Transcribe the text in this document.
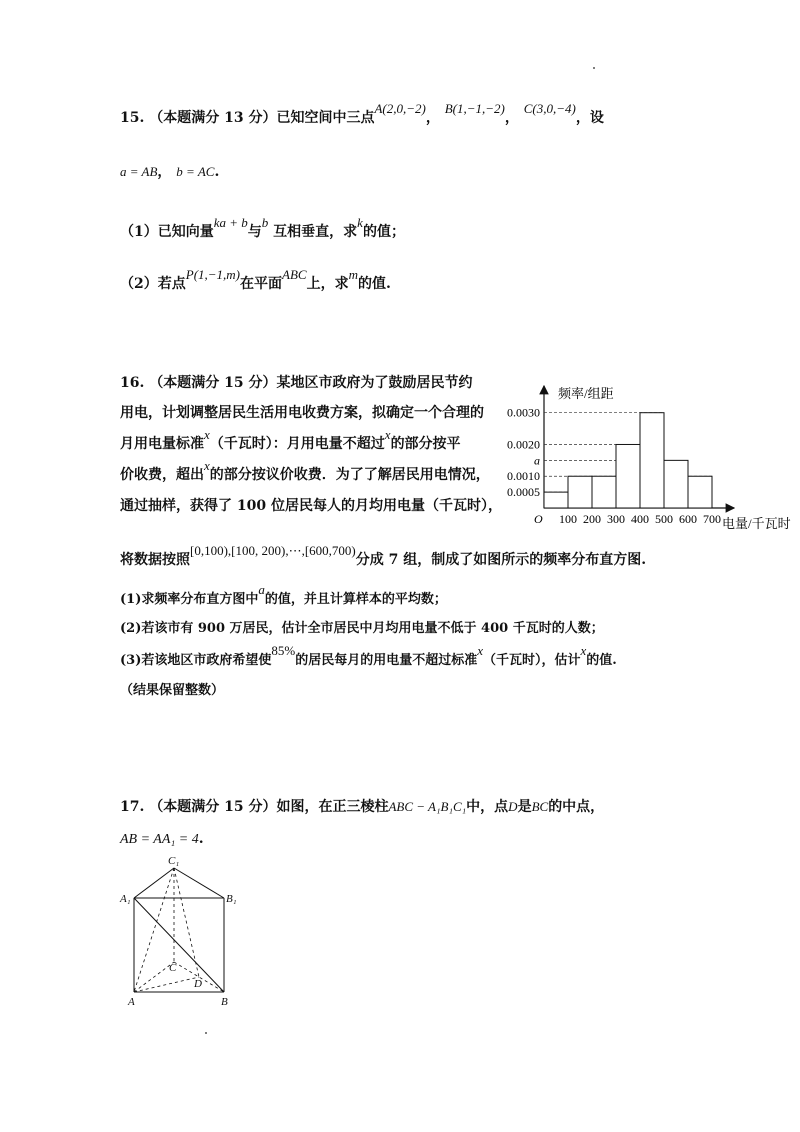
15. （本题满分 13 分）已知空间中三点A(2,0,−2)， B(1,−1,−2)， C(3,0,−4)，设
a = AB， b = AC.
（1）已知向量ka + b与b 互相垂直，求k的值；
（2）若点P(1,−1,m)在平面ABC上，求m的值.
16. （本题满分 15 分）某地区市政府为了鼓励居民节约
用电，计划调整居民生活用电收费方案，拟确定一个合理的
月用电量标准x（千瓦时）：月用电量不超过x的部分按平
价收费，超出x的部分按议价收费．为了了解居民用电情况，
通过抽样，获得了 100 位居民每人的月均用电量（千瓦时），
将数据按照[0,100),[100, 200),⋯,[600,700)分成 7 组，制成了如图所示的频率分布直方图.
(1)求频率分布直方图中a的值，并且计算样本的平均数；
(2)若该市有 900 万居民，估计全市居民中月均用电量不低于 400 千瓦时的人数；
(3)若该地区市政府希望使85%的居民每月的用电量不超过标准x（千瓦时），估计x的值.
（结果保留整数）
频率/组距
电量/千瓦时
O
0.0030
0.0020
a
0.0010
0.0005
100 200 300 400 500 600 700
17. （本题满分 15 分）如图，在正三棱柱ABC − A₁B₁C₁中，点D是BC的中点，
AB = AA₁ = 4.
C₁
A₁	B₁
C
D
A	B
